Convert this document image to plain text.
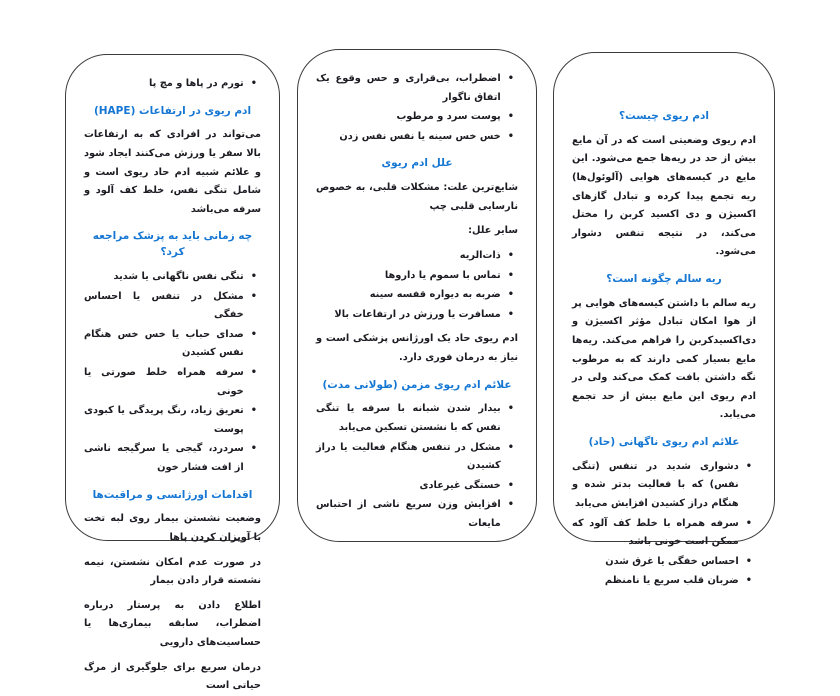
ادم ریوی چیست؟
ادم ریوی وضعیتی است که در آن مایع بیش از حد در ریه‌ها جمع می‌شود. این مایع در کیسه‌های هوایی (آلوئول‌ها) ریه تجمع پیدا کرده و تبادل گازهای اکسیژن و دی اکسید کربن را مختل می‌کند، در نتیجه تنفس دشوار می‌شود.
ریه سالم چگونه است؟
ریه سالم با داشتن کیسه‌های هوایی پر از هوا امکان تبادل مؤثر اکسیژن و دی‌اکسیدکربن را فراهم می‌کند. ریه‌ها مایع بسیار کمی دارند که به مرطوب نگه داشتن بافت کمک می‌کند ولی در ادم ریوی این مایع بیش از حد تجمع می‌یابد.
علائم ادم ریوی ناگهانی (حاد)
•
دشواری شدید در تنفس (تنگی نفس) که با فعالیت بدتر شده و هنگام دراز کشیدن افزایش می‌یابد
•
سرفه همراه با خلط کف آلود که ممکن است خونی باشد
•
احساس خفگی یا غرق شدن
•
ضربان قلب سریع یا نامنظم
•
اضطراب، بی‌قراری و حس وقوع یک اتفاق ناگوار
•
پوست سرد و مرطوب
•
خس خس سینه یا نفس نفس زدن
علل ادم ریوی
شایع‌ترین علت: مشکلات قلبی، به خصوص نارسایی قلبی چپ
سایر علل:
•
ذات‌الریه
•
تماس با سموم یا داروها
•
ضربه به دیواره قفسه سینه
•
مسافرت یا ورزش در ارتفاعات بالا
ادم ریوی حاد یک اورژانس پزشکی است و نیاز به درمان فوری دارد.
علائم ادم ریوی مزمن (طولانی مدت)
•
بیدار شدن شبانه با سرفه یا تنگی نفس که با نشستن تسکین می‌یابد
•
مشکل در تنفس هنگام فعالیت یا دراز کشیدن
•
خستگی غیرعادی
•
افزایش وزن سریع ناشی از احتباس مایعات
•
تورم در پاها و مچ پا
ادم ریوی در ارتفاعات (HAPE)
می‌تواند در افرادی که به ارتفاعات بالا سفر یا ورزش می‌کنند ایجاد شود و علائم شبیه ادم حاد ریوی است و شامل تنگی نفس، خلط کف آلود و سرفه می‌باشد
چه زمانی باید به پزشک مراجعه کرد؟
•
تنگی نفس ناگهانی یا شدید
•
مشکل در تنفس یا احساس خفگی
•
صدای حباب یا خس خس هنگام نفس کشیدن
•
سرفه همراه خلط صورتی یا خونی
•
تعریق زیاد، رنگ پریدگی یا کبودی پوست
•
سردرد، گیجی یا سرگیجه ناشی از افت فشار خون
اقدامات اورژانسی و مراقبت‌ها
وضعیت نشستن بیمار روی لبه تخت با آویزان کردن پاها
در صورت عدم امکان نشستن، نیمه نشسته قرار دادن بیمار
اطلاع دادن به پرستار درباره اضطراب، سابقه بیماری‌ها یا حساسیت‌های دارویی
درمان سریع برای جلوگیری از مرگ حیاتی است
